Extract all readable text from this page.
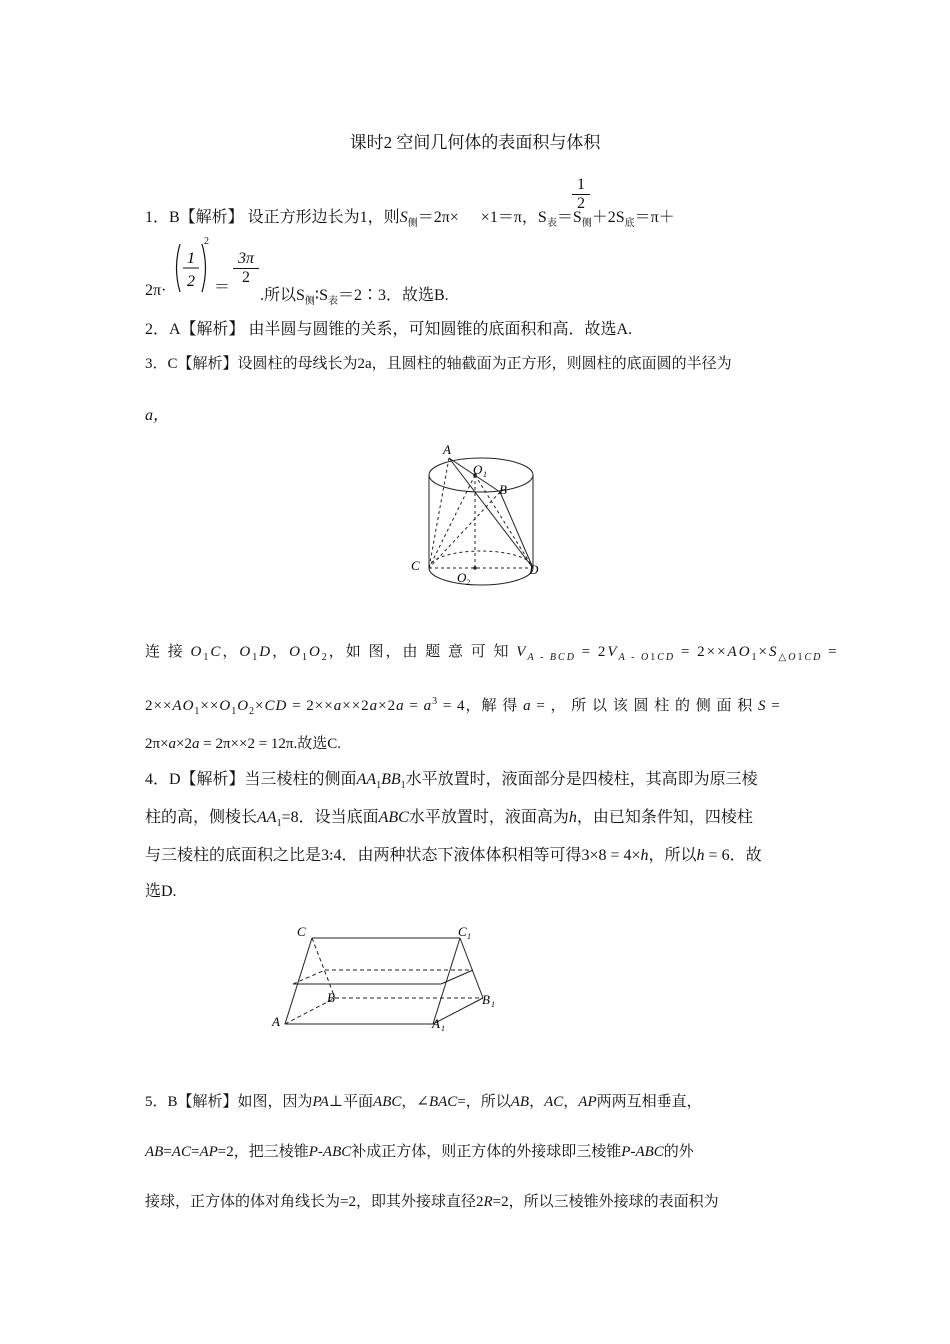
课时2 空间几何体的表面积与体积
1．B【解析】 设正方形边长为1，则$S_侧=2\pi\times \times 1=\pi$，$S_表=S_侧+2S_底=\pi+$
$\frac{1}{2}$
2π·
1
2
2
＝
$\frac{3\pi}{2}$
.所以$S_侧∶S_表=2∶3$．故选B.
2．A【解析】 由半圆与圆锥的关系，可知圆锥的底面积和高．故选A.
3．C【解析】设圆柱的母线长为2a，且圆柱的轴截面为正方形，则圆柱的底面圆的半径为
a，
A
O 1
B
C	D
O 2
连 接 $O_1C$，$O_1D$，$O_1O_2$，如 图，由 题 意 可 知 $V_{A - BCD} = 2V_{A - O1CD} = 2\times\times AO_1\times S_{\triangle O1CD}$ =
$2\times\times AO_1\times\times O_1O_2\times CD = 2\times\times a\times\times 2a\times 2a = a^3 = 4$，解 得 a = ， 所 以 该 圆 柱 的 侧 面 积 S =
2π×a×2a = 2π××2 = 12π.故选C.
4．D【解析】当三棱柱的侧面$AA_1BB_1$水平放置时，液面部分是四棱柱，其高即为原三棱
柱的高，侧棱长$AA_1=8$．设当底面ABC水平放置时，液面高为h，由已知条件知，四棱柱
与三棱柱的底面积之比是3:4．由两种状态下液体体积相等可得3×8 = 4×h，所以h = 6．故
选D.
C	C 1
B	B 1
A	A 1
5．B【解析】如图，因为PA⊥平面ABC，∠BAC=，所以AB，AC，AP两两互相垂直，
AB=AC=AP=2，把三棱锥P-ABC补成正方体，则正方体的外接球即三棱锥P-ABC的外
接球，正方体的体对角线长为=2，即其外接球直径2R=2，所以三棱锥外接球的表面积为
